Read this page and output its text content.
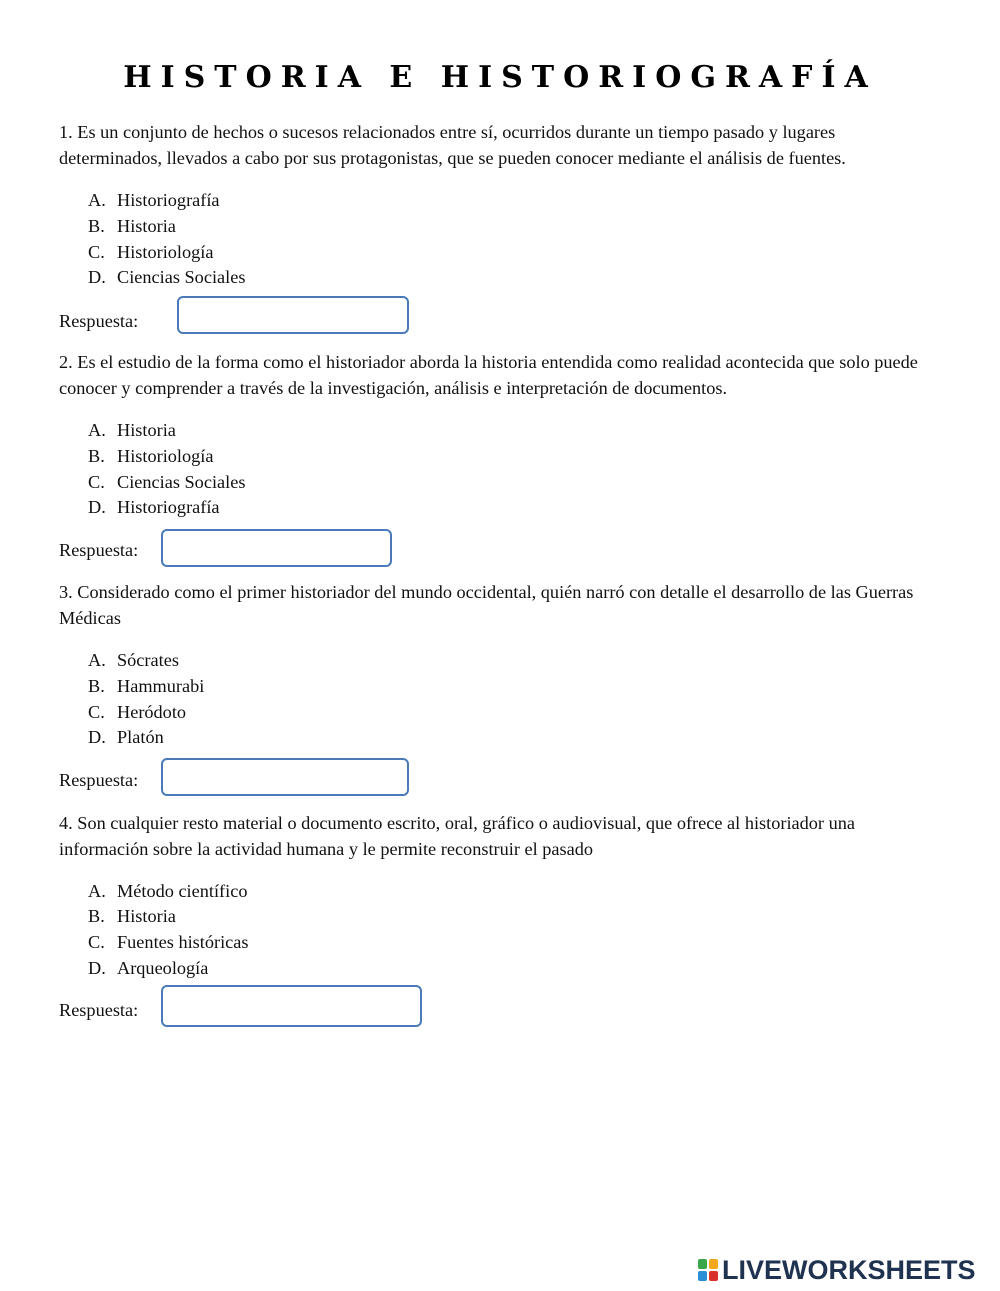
HISTORIA E HISTORIOGRAFÍA

1. Es un conjunto de hechos o sucesos relacionados entre sí, ocurridos durante un tiempo pasado y lugares determinados, llevados a cabo por sus protagonistas, que se pueden conocer mediante el análisis de fuentes.

A. Historiografía
B. Historia
C. Historiología
D. Ciencias Sociales
Respuesta:

2. Es el estudio de la forma como el historiador aborda la historia entendida como realidad acontecida que solo puede conocer y comprender a través de la investigación, análisis e interpretación de documentos.

A. Historia
B. Historiología
C. Ciencias Sociales
D. Historiografía
Respuesta:

3. Considerado como el primer historiador del mundo occidental, quién narró con detalle el desarrollo de las Guerras Médicas

A. Sócrates
B. Hammurabi
C. Heródoto
D. Platón
Respuesta:

4. Son cualquier resto material o documento escrito, oral, gráfico o audiovisual, que ofrece al historiador una información sobre la actividad humana y le permite reconstruir el pasado

A. Método científico
B. Historia
C. Fuentes históricas
D. Arqueología
Respuesta:
LIVEWORKSHEETS
